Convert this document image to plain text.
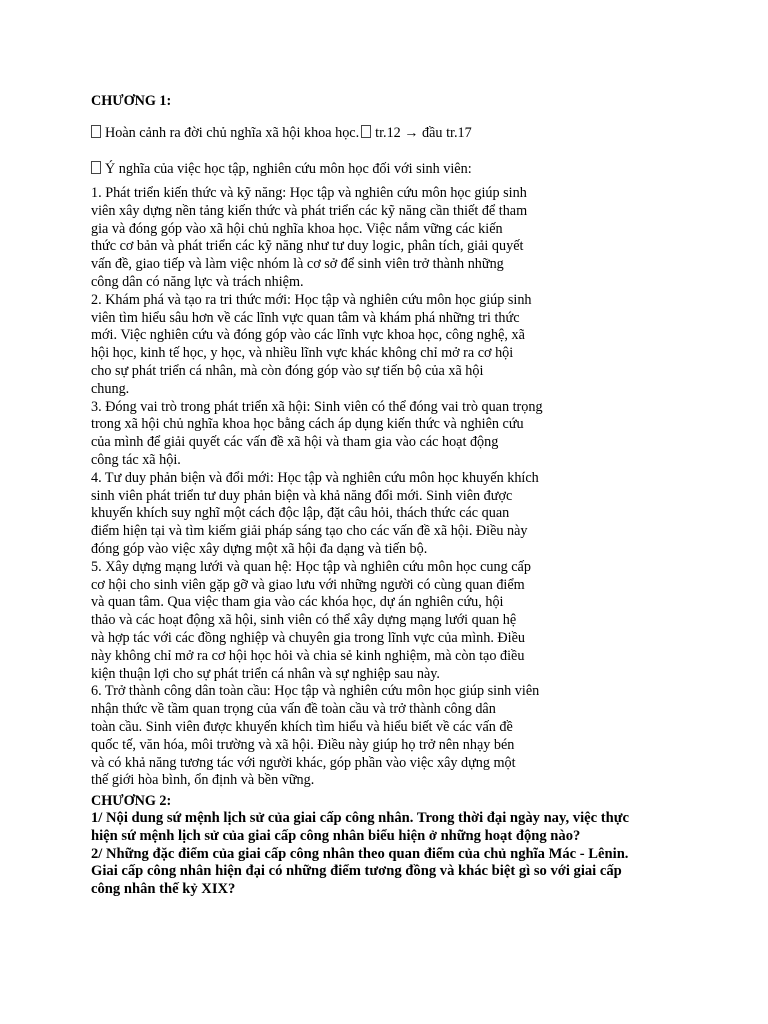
CHƯƠNG 1:
Hoàn cảnh ra đời chủ nghĩa xã hội khoa học. tr.12 → đầu tr.17
Ý nghĩa của việc học tập, nghiên cứu môn học đối với sinh viên:
1. Phát triển kiến thức và kỹ năng: Học tập và nghiên cứu môn học giúp sinh
viên xây dựng nền tảng kiến thức và phát triển các kỹ năng cần thiết để tham
gia và đóng góp vào xã hội chủ nghĩa khoa học. Việc nắm vững các kiến
thức cơ bản và phát triển các kỹ năng như tư duy logic, phân tích, giải quyết
vấn đề, giao tiếp và làm việc nhóm là cơ sở để sinh viên trở thành những
công dân có năng lực và trách nhiệm.
2. Khám phá và tạo ra tri thức mới: Học tập và nghiên cứu môn học giúp sinh
viên tìm hiểu sâu hơn về các lĩnh vực quan tâm và khám phá những tri thức
mới. Việc nghiên cứu và đóng góp vào các lĩnh vực khoa học, công nghệ, xã
hội học, kinh tế học, y học, và nhiều lĩnh vực khác không chỉ mở ra cơ hội
cho sự phát triển cá nhân, mà còn đóng góp vào sự tiến bộ của xã hội
chung.
3. Đóng vai trò trong phát triển xã hội: Sinh viên có thể đóng vai trò quan trọng
trong xã hội chủ nghĩa khoa học bằng cách áp dụng kiến thức và nghiên cứu
của mình để giải quyết các vấn đề xã hội và tham gia vào các hoạt động
công tác xã hội.
4. Tư duy phản biện và đổi mới: Học tập và nghiên cứu môn học khuyến khích
sinh viên phát triển tư duy phản biện và khả năng đổi mới. Sinh viên được
khuyến khích suy nghĩ một cách độc lập, đặt câu hỏi, thách thức các quan
điểm hiện tại và tìm kiếm giải pháp sáng tạo cho các vấn đề xã hội. Điều này
đóng góp vào việc xây dựng một xã hội đa dạng và tiến bộ.
5. Xây dựng mạng lưới và quan hệ: Học tập và nghiên cứu môn học cung cấp
cơ hội cho sinh viên gặp gỡ và giao lưu với những người có cùng quan điểm
và quan tâm. Qua việc tham gia vào các khóa học, dự án nghiên cứu, hội
thảo và các hoạt động xã hội, sinh viên có thể xây dựng mạng lưới quan hệ
và hợp tác với các đồng nghiệp và chuyên gia trong lĩnh vực của mình. Điều
này không chỉ mở ra cơ hội học hỏi và chia sẻ kinh nghiệm, mà còn tạo điều
kiện thuận lợi cho sự phát triển cá nhân và sự nghiệp sau này.
6. Trở thành công dân toàn cầu: Học tập và nghiên cứu môn học giúp sinh viên
nhận thức về tầm quan trọng của vấn đề toàn cầu và trở thành công dân
toàn cầu. Sinh viên được khuyến khích tìm hiểu và hiểu biết về các vấn đề
quốc tế, văn hóa, môi trường và xã hội. Điều này giúp họ trở nên nhạy bén
và có khả năng tương tác với người khác, góp phần vào việc xây dựng một
thế giới hòa bình, ổn định và bền vững.
CHƯƠNG 2:
1/ Nội dung sứ mệnh lịch sử của giai cấp công nhân. Trong thời đại ngày nay, việc thực
hiện sứ mệnh lịch sử của giai cấp công nhân biểu hiện ở những hoạt động nào?
2/ Những đặc điểm của giai cấp công nhân theo quan điểm của chủ nghĩa Mác - Lênin.
Giai cấp công nhân hiện đại có những điểm tương đồng và khác biệt gì so với giai cấp
công nhân thế kỷ XIX?
